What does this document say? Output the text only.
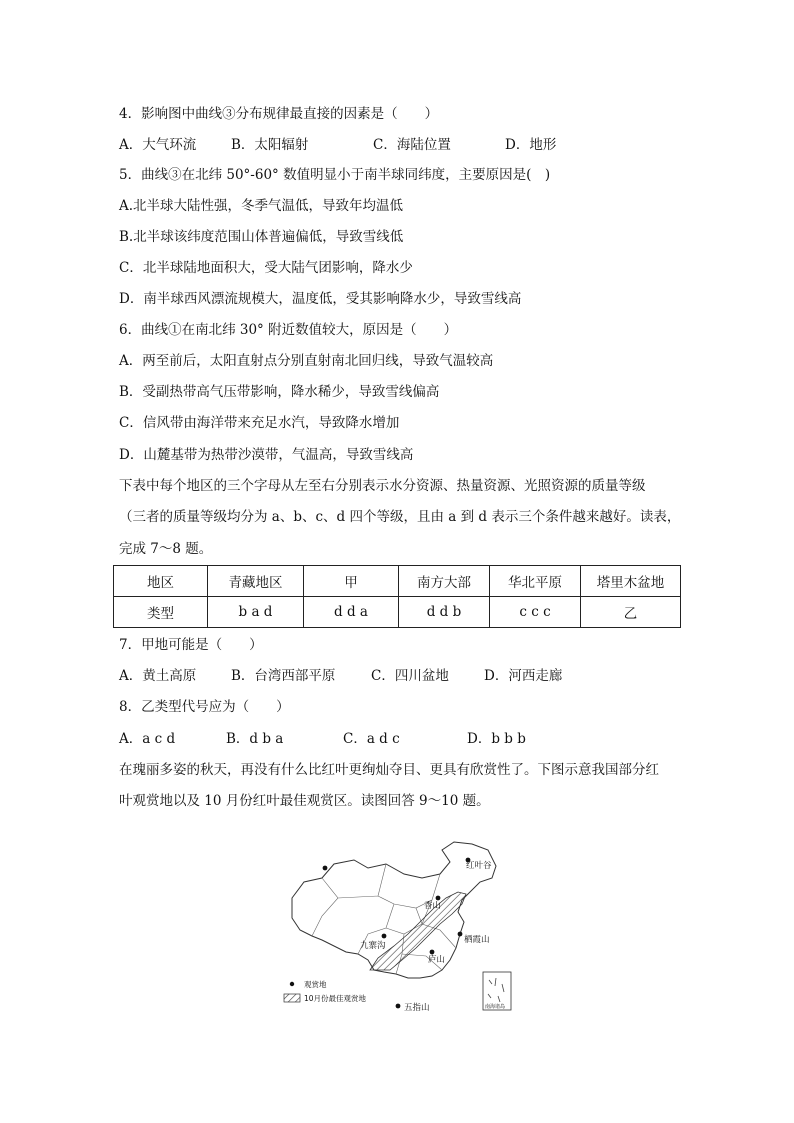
4．影响图中曲线③分布规律最直接的因素是（　　）
A．大气环流	B．太阳辐射	C．海陆位置	D．地形
5．曲线③在北纬 50°-60° 数值明显小于南半球同纬度，主要原因是(　)
A.北半球大陆性强，冬季气温低，导致年均温低
B.北半球该纬度范围山体普遍偏低，导致雪线低
C．北半球陆地面积大，受大陆气团影响，降水少
D．南半球西风漂流规模大，温度低，受其影响降水少，导致雪线高
6．曲线①在南北纬 30° 附近数值较大，原因是（　　）
A．两至前后，太阳直射点分别直射南北回归线，导致气温较高
B．受副热带高气压带影响，降水稀少，导致雪线偏高
C．信风带由海洋带来充足水汽，导致降水增加
D．山麓基带为热带沙漠带，气温高，导致雪线高
下表中每个地区的三个字母从左至右分别表示水分资源、热量资源、光照资源的质量等级
（三者的质量等级均分为 a、b、c、d 四个等级，且由 a 到 d 表示三个条件越来越好。读表，
完成 7～8 题。
地区	青藏地区	甲	南方大部	华北平原	塔里木盆地
类型	b a d	d d a	d d b	c c c	乙
7．甲地可能是（　　）
A．黄土高原	B．台湾西部平原	C．四川盆地	D．河西走廊
8．乙类型代号应为（　　）
A．a c d	B．d b a	C．a d c	D．b b b
在瑰丽多姿的秋天，再没有什么比红叶更绚灿夺目、更具有欣赏性了。下图示意我国部分红
叶观赏地以及 10 月份红叶最佳观赏区。读图回答 9～10 题。
红叶谷
香山
栖霞山
九寨沟
庐山
五指山
观赏地
10月份最佳观赏地
南海诸岛
